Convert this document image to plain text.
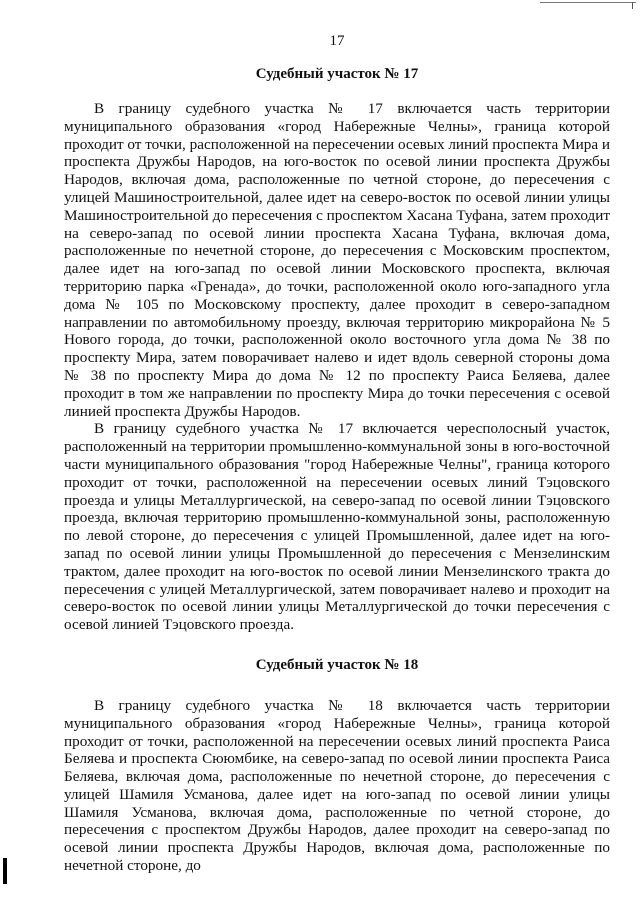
17
Судебный участок № 17

В границу судебного участка № 17 включается часть территории муниципального образования «город Набережные Челны», граница которой проходит от точки, расположенной на пересечении осевых линий проспекта Мира и проспекта Дружбы Народов, на юго-восток по осевой линии проспекта Дружбы Народов, включая дома, расположенные по четной стороне, до пересечения с улицей Машиностроительной, далее идет на северо-восток по осевой линии улицы Машиностроительной до пересечения с проспектом Хасана Туфана, затем проходит на северо-запад по осевой линии проспекта Хасана Туфана, включая дома, расположенные по нечетной стороне, до пересечения с Московским проспектом, далее идет на юго-запад по осевой линии Московского проспекта, включая территорию парка «Гренада», до точки, расположенной около юго-западного угла дома № 105 по Московскому проспекту, далее проходит в северо-западном направлении по автомобильному проезду, включая территорию микрорайона № 5 Нового города, до точки, расположенной около восточного угла дома № 38 по проспекту Мира, затем поворачивает налево и идет вдоль северной стороны дома № 38 по проспекту Мира до дома № 12 по проспекту Раиса Беляева, далее проходит в том же направлении по проспекту Мира до точки пересечения с осевой линией проспекта Дружбы Народов.

В границу судебного участка № 17 включается чересполосный участок, расположенный на территории промышленно-коммунальной зоны в юго-восточной части муниципального образования "город Набережные Челны", граница которого проходит от точки, расположенной на пересечении осевых линий Тэцовского проезда и улицы Металлургической, на северо-запад по осевой линии Тэцовского проезда, включая территорию промышленно-коммунальной зоны, расположенную по левой стороне, до пересечения с улицей Промышленной, далее идет на юго-запад по осевой линии улицы Промышленной до пересечения с Мензелинским трактом, далее проходит на юго-восток по осевой линии Мензелинского тракта до пересечения с улицей Металлургической, затем поворачивает налево и проходит на северо-восток по осевой линии улицы Металлургической до точки пересечения с осевой линией Тэцовского проезда.

Судебный участок № 18

В границу судебного участка № 18 включается часть территории муниципального образования «город Набережные Челны», граница которой проходит от точки, расположенной на пересечении осевых линий проспекта Раиса Беляева и проспекта Сююмбике, на северо-запад по осевой линии проспекта Раиса Беляева, включая дома, расположенные по нечетной стороне, до пересечения с улицей Шамиля Усманова, далее идет на юго-запад по осевой линии улицы Шамиля Усманова, включая дома, расположенные по четной стороне, до пересечения с проспектом Дружбы Народов, далее проходит на северо-запад по осевой линии проспекта Дружбы Народов, включая дома, расположенные по нечетной стороне, до
